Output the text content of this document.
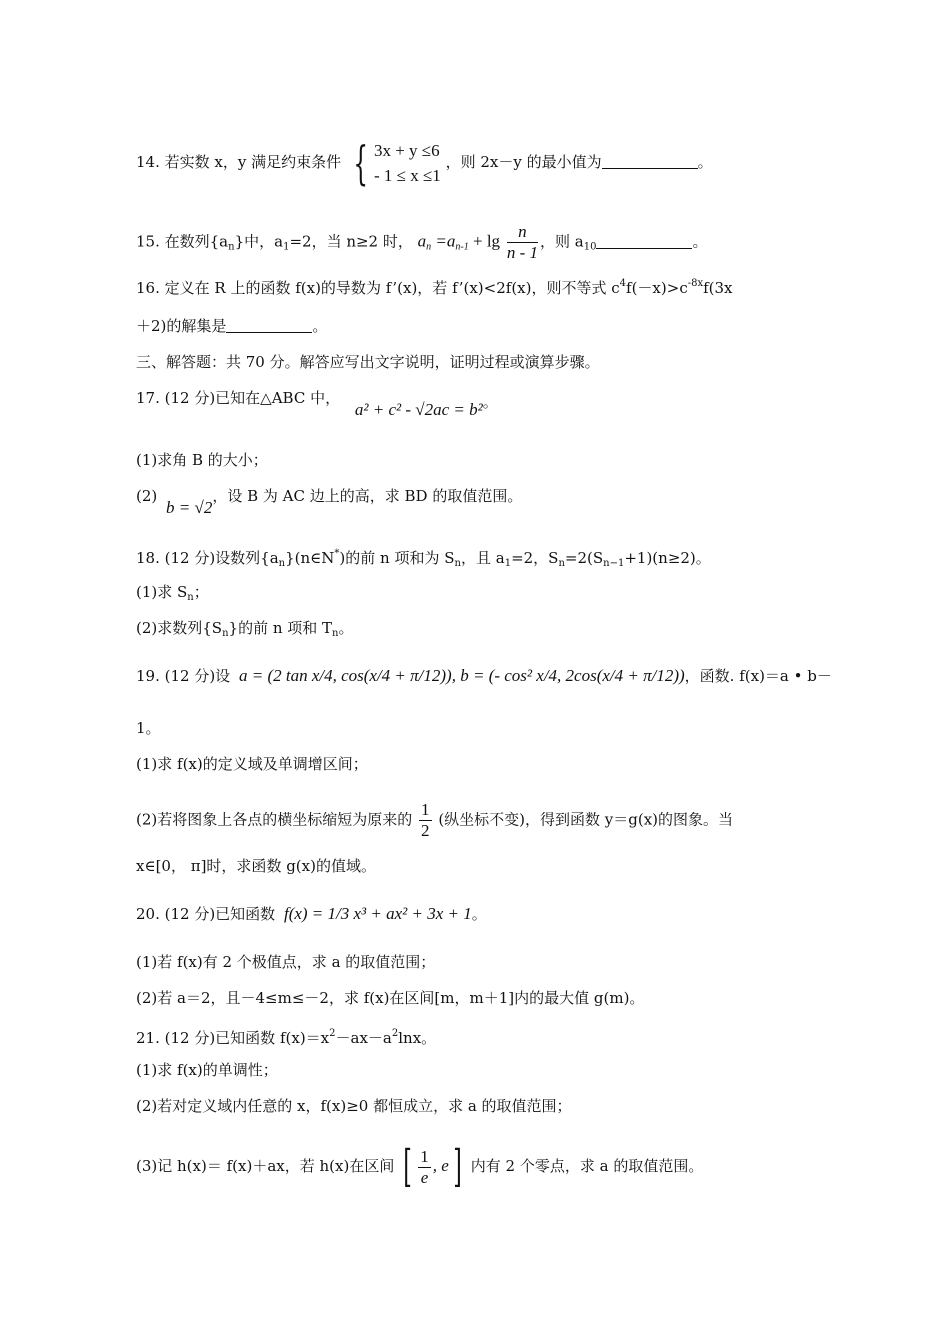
14. 若实数 x，y 满足约束条件 { 3x + y ≤6
- 1 ≤ x ≤1
，则 2x－y 的最小值为	。
15. 在数列$\{a_n\}$中，$a_1=2$，当 n≥2 时， $a_n =a_{n-1} + \lg \frac{n}{n - 1}$ ，则 $a_{10}$	。
16. 定义在 R 上的函数 f(x)的导数为 f’(x)，若 f’(x)<2f(x)，则不等式 $c^4f(-x)>c^{-8x}f(3x$
＋2)的解集是	。
三、解答题：共 70 分。解答应写出文字说明，证明过程或演算步骤。
17. (12 分)已知在△ABC 中， a² + c² - √2ac = b²。
(1)求角 B 的大小；
(2) b = √2，设 B 为 AC 边上的高，求 BD 的取值范围。
18. (12 分)设数列$\{a_n\}(n\in N^*)$的前 n 项和为 $S_n$，且 $a_1=2$，$S_n=2(S_{n-1}+1)(n\ge 2)$。
(1)求 $S_n$；
(2)求数列$\{S_n\}$的前 n 项和 $T_n$。
19. (12 分)设 a = (2 tan x/4, cos(x/4 + π/12)), b = (- cos² x/4, 2cos(x/4 + π/12))，函数. f(x)＝a • b－
1。
(1)求 f(x)的定义域及单调增区间；
(2)若将图象上各点的横坐标缩短为原来的 $\frac{1}{2}$ (纵坐标不变)，得到函数 y＝g(x)的图象。当
x∈[0， π]时，求函数 g(x)的值域。
20. (12 分)已知函数 f(x) = 1/3 x³ + ax² + 3x + 1。
(1)若 f(x)有 2 个极值点，求 a 的取值范围；
(2)若 a＝2，且－4≤m≤－2，求 f(x)在区间[m，m＋1]内的最大值 g(m)。
21. (12 分)已知函数 $f(x)=x^2-ax-a^2\ln x$。
(1)求 f(x)的单调性；
(2)若对定义域内任意的 x，f(x)≥0 都恒成立，求 a 的取值范围；
(3)记 h(x)＝ f(x)＋ax，若 h(x)在区间 [ $\frac{1}{e}$ , e] 内有 2 个零点，求 a 的取值范围。
